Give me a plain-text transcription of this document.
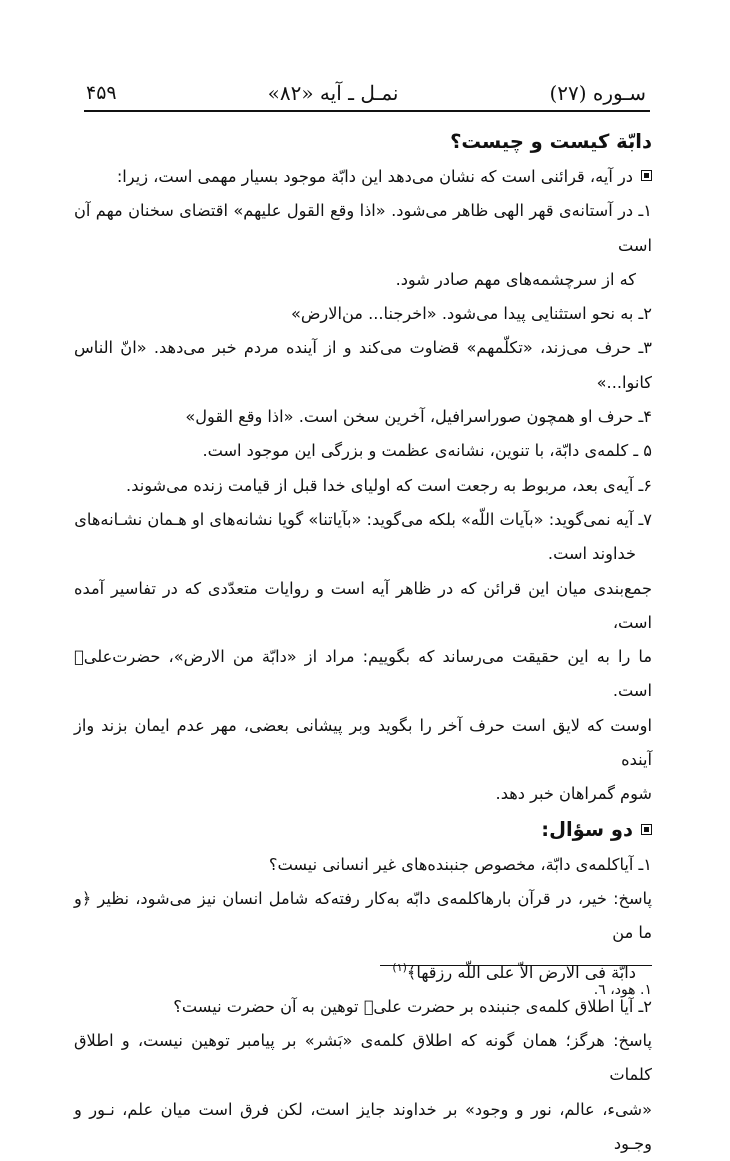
سـوره (۲۷)
نمـل ـ آیه «۸۲»
۴۵۹

دابّة کیست و چیست؟

در آیه، قرائنی است که نشان می‌دهد این دابّة موجود بسیار مهمی است، زیرا:

۱ـ در آستانه‌ی قهر الهی ظاهر می‌شود. «اذا وقع القول علیهم» اقتضای سخنان مهم آن است

که از سرچشمه‌های مهم صادر شود.

۲ـ به نحو استثنایی پیدا می‌شود. «اخرجنا... من‌الارض»

۳ـ حرف می‌زند، «تکلّمهم» قضاوت می‌کند و از آینده مردم خبر می‌دهد. «انّ الناس کانوا...»

۴ـ حرف او همچون صوراسرافیل، آخرین سخن است. «اذا وقع القول»

۵ ـ کلمه‌ی دابّة، با تنوین، نشانه‌ی عظمت و بزرگی این موجود است.

۶ـ آیه‌ی بعد، مربوط به رجعت است که اولیای خدا قبل از قیامت زنده می‌شوند.

۷ـ آیه نمی‌گوید: «بآیات اللّه» بلکه می‌گوید: «بآیاتنا» گویا نشانه‌های او هـمان نشـانه‌های

خداوند است.

جمع‌بندی میان این قرائن که در ظاهر آیه است و روایات متعدّدی که در تفاسیر آمده است،

ما را به این حقیقت می‌رساند که بگوییم: مراد از «دابّة من الارض»، حضرت‌علیؑ است.

اوست که لایق است حرف آخر را بگوید وبر پیشانی بعضی، مهر عدم ایمان بزند واز آینده

شوم گمراهان خبر دهد.

دو سؤال:

۱ـ آیاکلمه‌ی دابّة، مخصوص جنبنده‌های غیر انسانی نیست؟

پاسخ: خیر، در قرآن بارهاکلمه‌ی دابّه به‌کار رفته‌که شامل انسان نیز می‌شود، نظیر ﴿و ما من

دابّة فی الارض الاّ علی اللّه رزقها﴾$^{(۱)}$

۲ـ آیا اطلاق کلمه‌ی جنبنده بر حضرت علیؑ توهین به آن حضرت نیست؟

پاسخ: هرگز؛ همان گونه که اطلاق کلمه‌ی «بَشر» بر پیامبر توهین نیست، و اطلاق کلمات

«شیء، عالم، نور و وجود» بر خداوند جایز است، لکن فرق است میان علم، نـور و وجـود

۱. هود، ٦.
